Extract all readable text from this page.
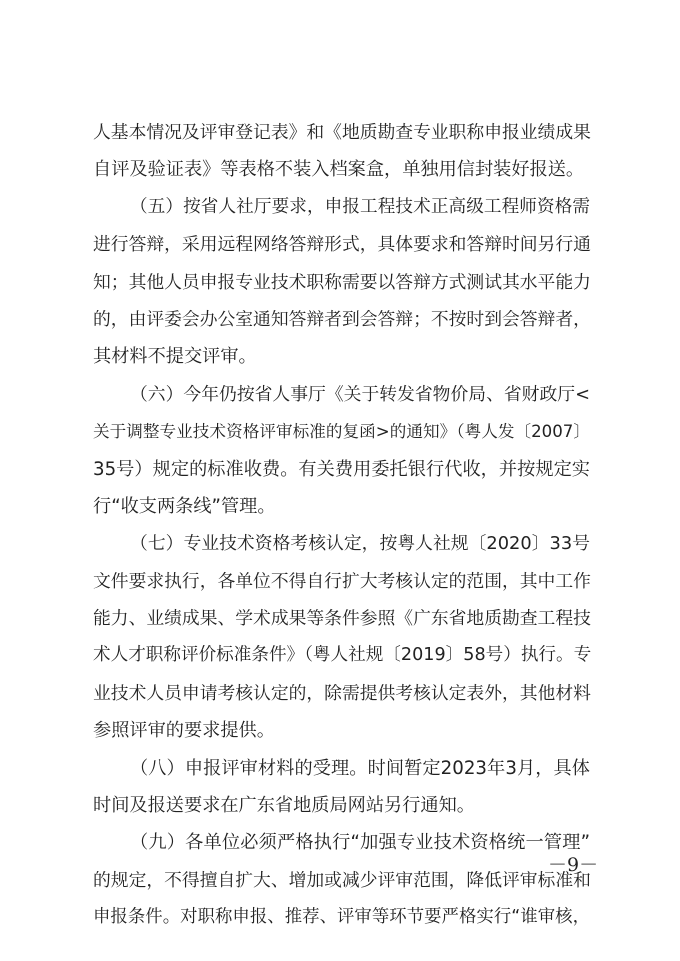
人基本情况及评审登记表》和《地质勘查专业职称申报业绩成果
自评及验证表》等表格不装入档案盒，单独用信封装好报送。
（五）按省人社厅要求，申报工程技术正高级工程师资格需
进行答辩，采用远程网络答辩形式，具体要求和答辩时间另行通
知；其他人员申报专业技术职称需要以答辩方式测试其水平能力
的，由评委会办公室通知答辩者到会答辩；不按时到会答辩者，
其材料不提交评审。
（六）今年仍按省人事厅《关于转发省物价局、省财政厅<
关于调整专业技术资格评审标准的复函>的通知》（粤人发〔2007〕
35号）规定的标准收费。有关费用委托银行代收，并按规定实
行“收支两条线”管理。
（七）专业技术资格考核认定，按粤人社规〔2020〕33号
文件要求执行，各单位不得自行扩大考核认定的范围，其中工作
能力、业绩成果、学术成果等条件参照《广东省地质勘查工程技
术人才职称评价标准条件》（粤人社规〔2019〕58号）执行。专
业技术人员申请考核认定的，除需提供考核认定表外，其他材料
参照评审的要求提供。
（八）申报评审材料的受理。时间暂定2023年3月，具体
时间及报送要求在广东省地质局网站另行通知。
（九）各单位必须严格执行“加强专业技术资格统一管理”
的规定，不得擅自扩大、增加或减少评审范围，降低评审标准和
申报条件。对职称申报、推荐、评审等环节要严格实行“谁审核，
－9－
